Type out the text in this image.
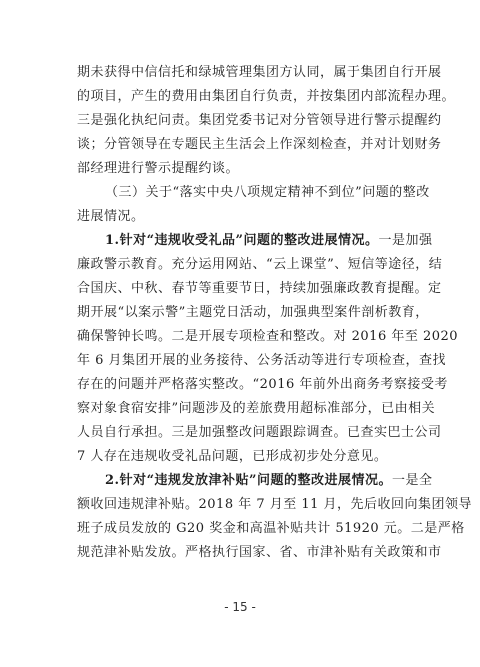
期未获得中信信托和绿城管理集团方认同，属于集团自行开展
的项目，产生的费用由集团自行负责，并按集团内部流程办理。
三是强化执纪问责。集团党委书记对分管领导进行警示提醒约
谈；分管领导在专题民主生活会上作深刻检查，并对计划财务
部经理进行警示提醒约谈。
（三）关于“落实中央八项规定精神不到位”问题的整改
进展情况。
1.针对“违规收受礼品”问题的整改进展情况。一是加强
廉政警示教育。充分运用网站、“云上课堂”、短信等途径，结
合国庆、中秋、春节等重要节日，持续加强廉政教育提醒。定
期开展“以案示警”主题党日活动，加强典型案件剖析教育，
确保警钟长鸣。二是开展专项检查和整改。对 2016 年至 2020
年 6 月集团开展的业务接待、公务活动等进行专项检查，查找
存在的问题并严格落实整改。“2016 年前外出商务考察接受考
察对象食宿安排”问题涉及的差旅费用超标准部分，已由相关
人员自行承担。三是加强整改问题跟踪调查。已查实巴士公司
7 人存在违规收受礼品问题，已形成初步处分意见。
2.针对“违规发放津补贴”问题的整改进展情况。一是全
额收回违规津补贴。2018 年 7 月至 11 月，先后收回向集团领导
班子成员发放的 G20 奖金和高温补贴共计 51920 元。二是严格
规范津补贴发放。严格执行国家、省、市津补贴有关政策和市
- 15 -
